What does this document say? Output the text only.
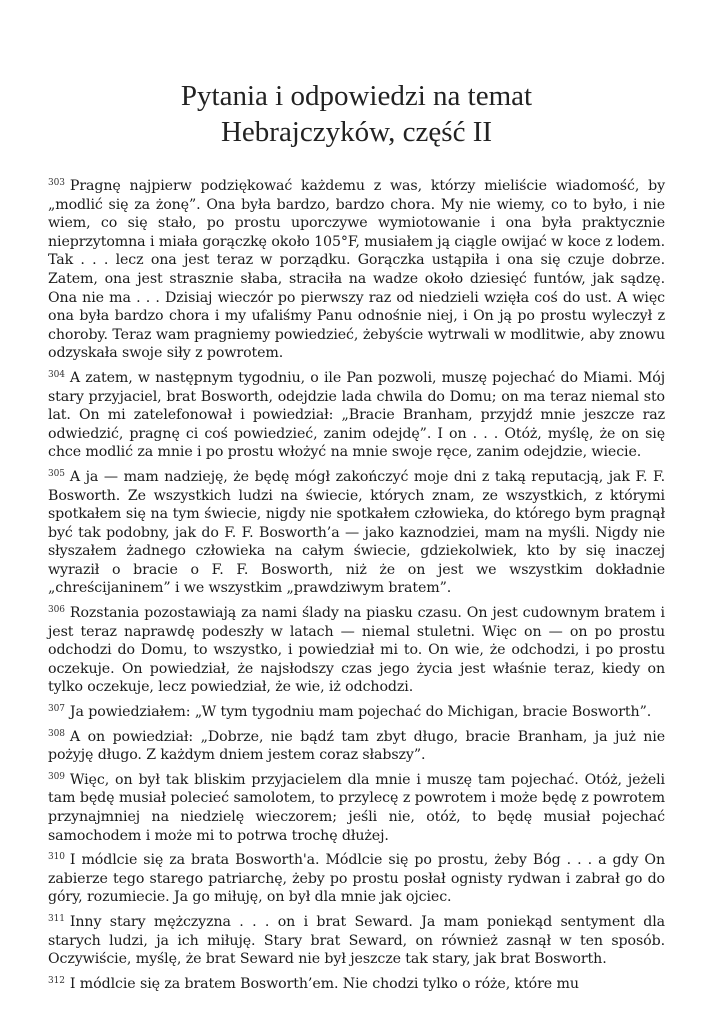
Pytania i odpowiedzi na temat
Hebrajczyków, część II

$^{303}$ Pragnę najpierw podziękować każdemu z was, którzy mieliście wiadomość, by „modlić się za żonę”. Ona była bardzo, bardzo chora. My nie wiemy, co to było, i nie wiem, co się stało, po prostu uporczywe wymiotowanie i ona była praktycznie nieprzytomna i miała gorączkę około 105°F, musiałem ją ciągle owijać w koce z lodem. Tak . . . lecz ona jest teraz w porządku. Gorączka ustąpiła i ona się czuje dobrze. Zatem, ona jest strasznie słaba, straciła na wadze około dziesięć funtów, jak sądzę. Ona nie ma . . . Dzisiaj wieczór po pierwszy raz od niedzieli wzięła coś do ust. A więc ona była bardzo chora i my ufaliśmy Panu odnośnie niej, i On ją po prostu wyleczył z choroby. Teraz wam pragniemy powiedzieć, żebyście wytrwali w modlitwie, aby znowu odzyskała swoje siły z powrotem.

$^{304}$ A zatem, w następnym tygodniu, o ile Pan pozwoli, muszę pojechać do Miami. Mój stary przyjaciel, brat Bosworth, odejdzie lada chwila do Domu; on ma teraz niemal sto lat. On mi zatelefonował i powiedział: „Bracie Branham, przyjdź mnie jeszcze raz odwiedzić, pragnę ci coś powiedzieć, zanim odejdę”. I on . . . Otóż, myślę, że on się chce modlić za mnie i po prostu włożyć na mnie swoje ręce, zanim odejdzie, wiecie.

$^{305}$ A ja — mam nadzieję, że będę mógł zakończyć moje dni z taką reputacją, jak F. F. Bosworth. Ze wszystkich ludzi na świecie, których znam, ze wszystkich, z którymi spotkałem się na tym świecie, nigdy nie spotkałem człowieka, do którego bym pragnął być tak podobny, jak do F. F. Bosworth’a — jako kaznodziei, mam na myśli. Nigdy nie słyszałem żadnego człowieka na całym świecie, gdziekolwiek, kto by się inaczej wyraził o bracie o F. F. Bosworth, niż że on jest we wszystkim dokładnie „chreścijaninem” i we wszystkim „prawdziwym bratem”.

$^{306}$ Rozstania pozostawiają za nami ślady na piasku czasu. On jest cudownym bratem i jest teraz naprawdę podeszły w latach — niemal stuletni. Więc on — on po prostu odchodzi do Domu, to wszystko, i powiedział mi to. On wie, że odchodzi, i po prostu oczekuje. On powiedział, że najsłodszy czas jego życia jest właśnie teraz, kiedy on tylko oczekuje, lecz powiedział, że wie, iż odchodzi.

$^{307}$ Ja powiedziałem: „W tym tygodniu mam pojechać do Michigan, bracie Bosworth”.

$^{308}$ A on powiedział: „Dobrze, nie bądź tam zbyt długo, bracie Branham, ja już nie pożyję długo. Z każdym dniem jestem coraz słabszy”.

$^{309}$ Więc, on był tak bliskim przyjacielem dla mnie i muszę tam pojechać. Otóż, jeżeli tam będę musiał polecieć samolotem, to przylecę z powrotem i może będę z powrotem przynajmniej na niedzielę wieczorem; jeśli nie, otóż, to będę musiał pojechać samochodem i może mi to potrwa trochę dłużej.

$^{310}$ I módlcie się za brata Bosworth'a. Módlcie się po prostu, żeby Bóg . . . a gdy On zabierze tego starego patriarchę, żeby po prostu posłał ognisty rydwan i zabrał go do góry, rozumiecie. Ja go miłuję, on był dla mnie jak ojciec.

$^{311}$ Inny stary mężczyzna . . . on i brat Seward. Ja mam poniekąd sentyment dla starych ludzi, ja ich miłuję. Stary brat Seward, on również zasnął w ten sposób. Oczywiście, myślę, że brat Seward nie był jeszcze tak stary, jak brat Bosworth.

$^{312}$ I módlcie się za bratem Bosworth’em. Nie chodzi tylko o róże, które mu
